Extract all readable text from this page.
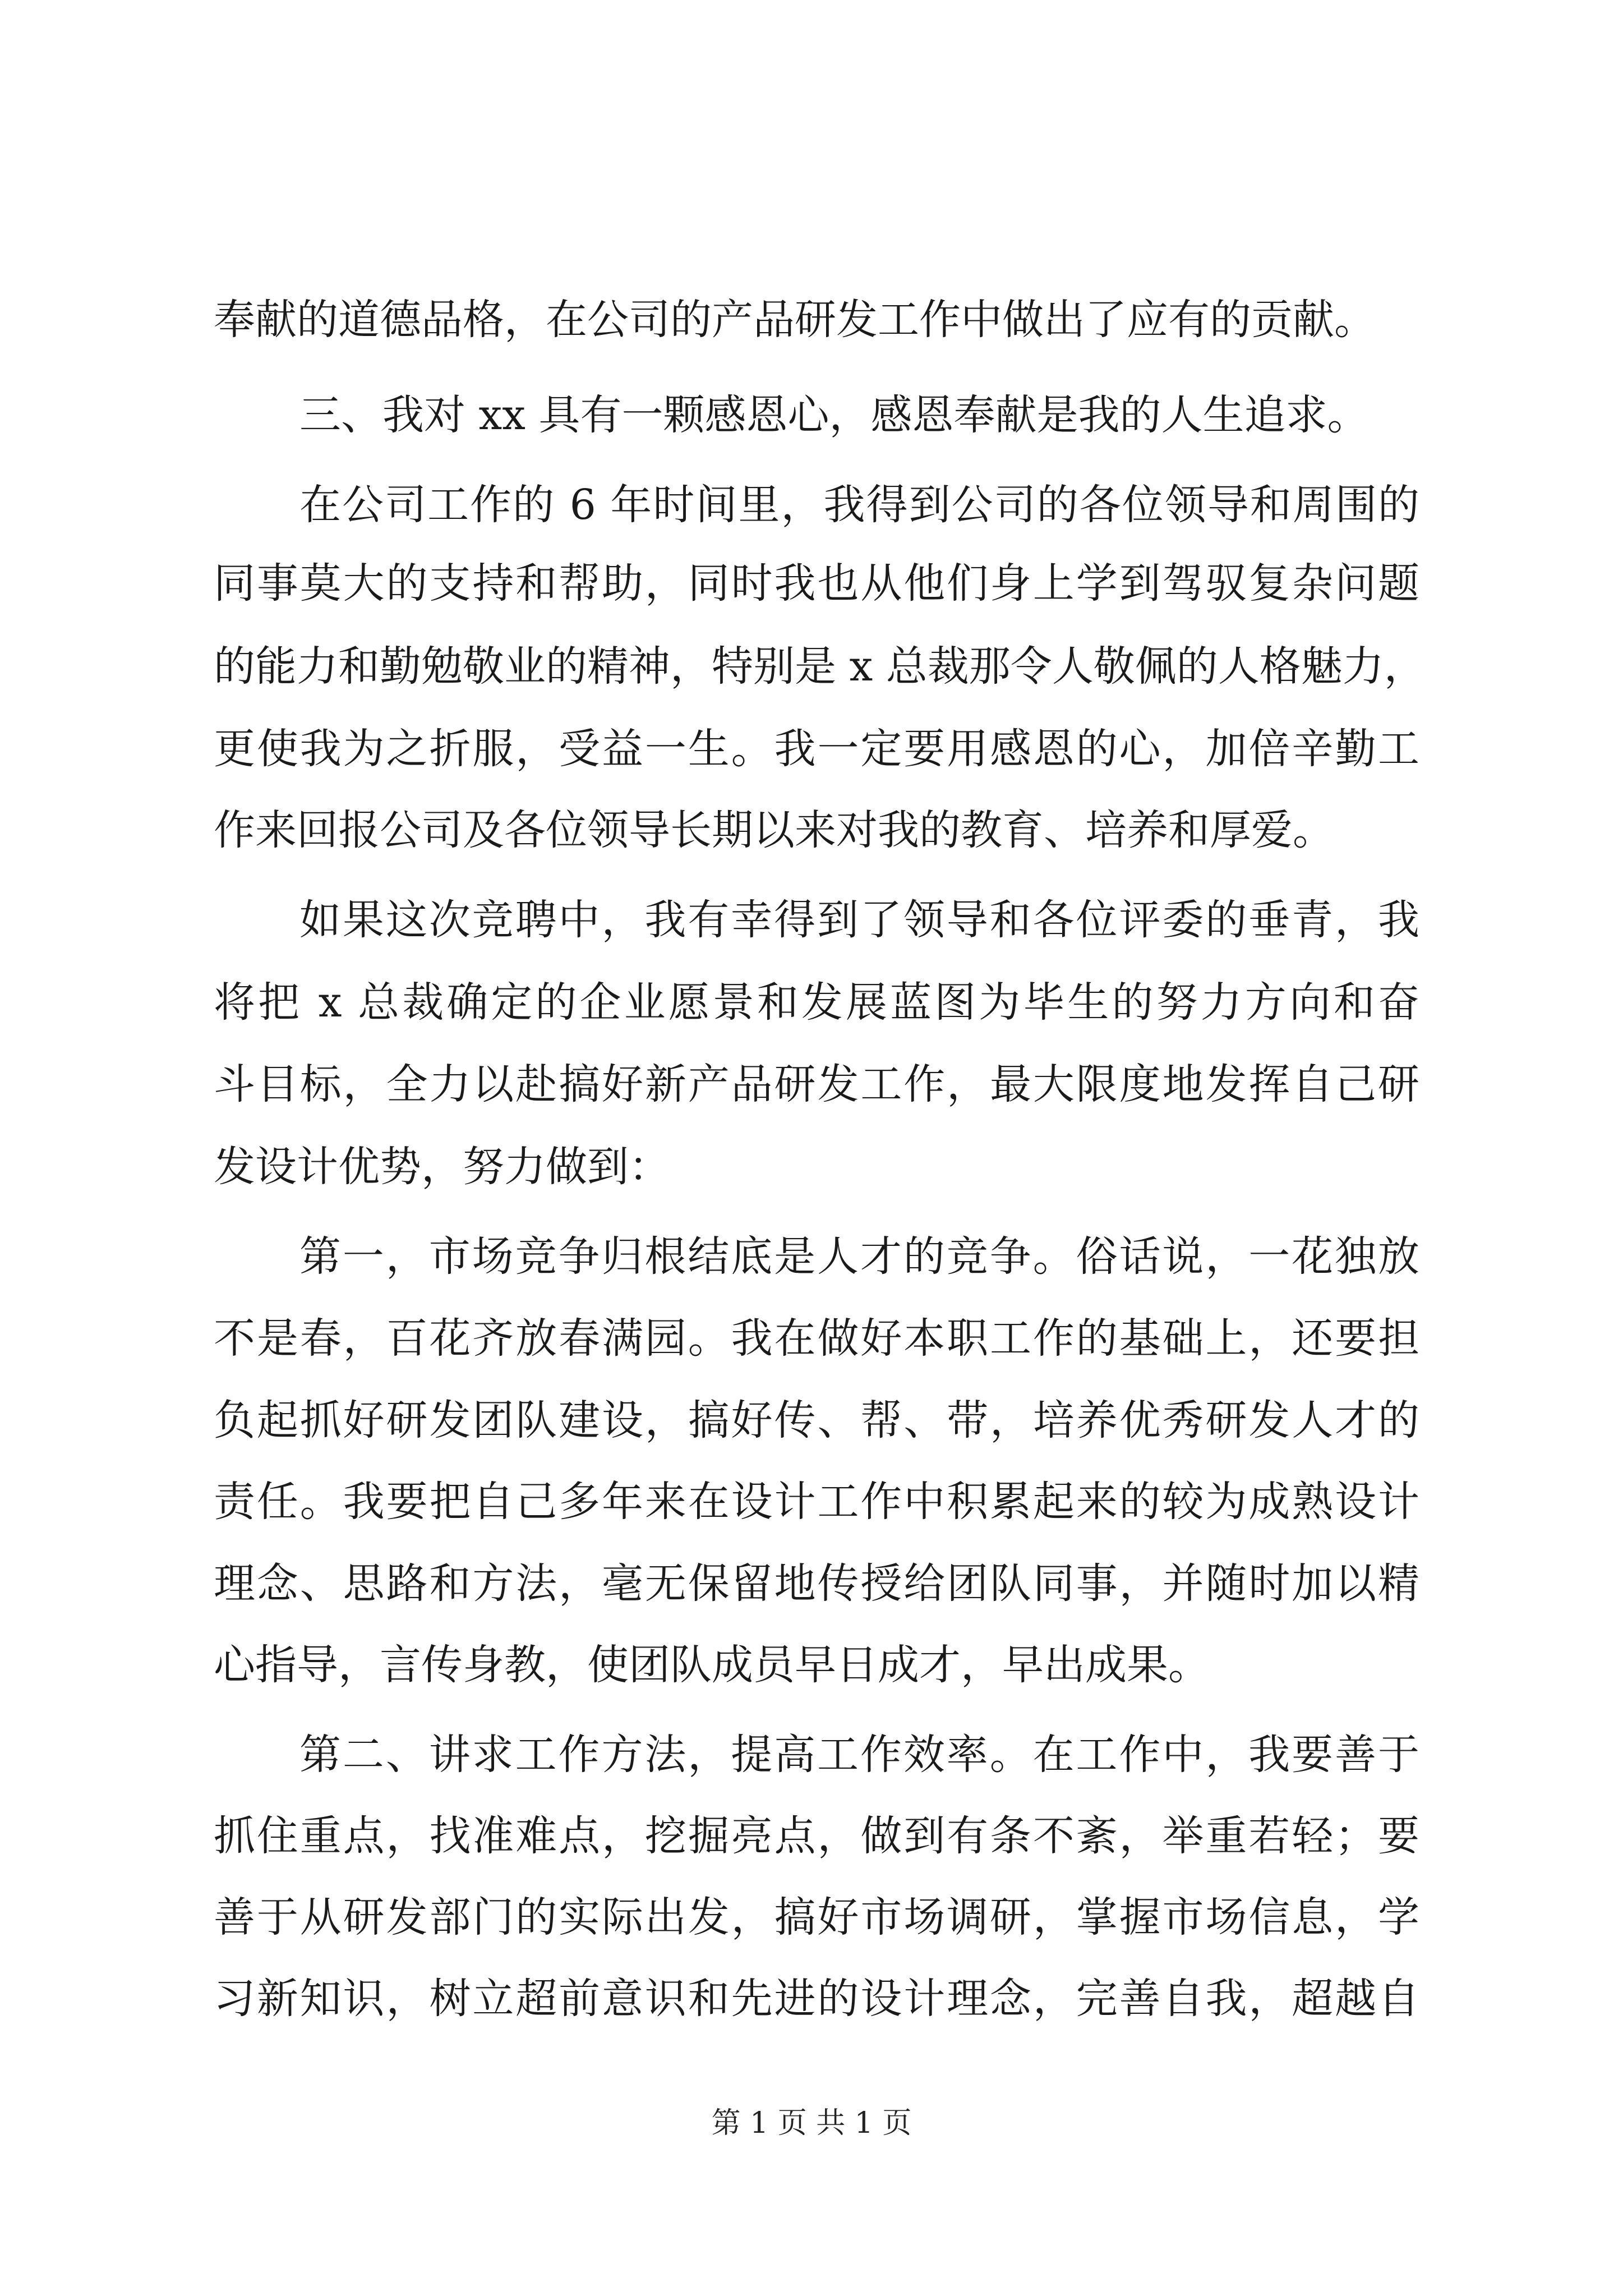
奉献的道德品格，在公司的产品研发工作中做出了应有的贡献。
三、我对 xx 具有一颗感恩心，感恩奉献是我的人生追求。
在公司工作的 6 年时间里，我得到公司的各位领导和周围的
同事莫大的支持和帮助，同时我也从他们身上学到驾驭复杂问题
的能力和勤勉敬业的精神，特别是 x 总裁那令人敬佩的人格魅力，
更使我为之折服，受益一生。我一定要用感恩的心，加倍辛勤工
作来回报公司及各位领导长期以来对我的教育、培养和厚爱。
如果这次竞聘中，我有幸得到了领导和各位评委的垂青，我
将把 x 总裁确定的企业愿景和发展蓝图为毕生的努力方向和奋
斗目标，全力以赴搞好新产品研发工作，最大限度地发挥自己研
发设计优势，努力做到：
第一，市场竞争归根结底是人才的竞争。俗话说，一花独放
不是春，百花齐放春满园。我在做好本职工作的基础上，还要担
负起抓好研发团队建设，搞好传、帮、带，培养优秀研发人才的
责任。我要把自己多年来在设计工作中积累起来的较为成熟设计
理念、思路和方法，毫无保留地传授给团队同事，并随时加以精
心指导，言传身教，使团队成员早日成才，早出成果。
第二、讲求工作方法，提高工作效率。在工作中，我要善于
抓住重点，找准难点，挖掘亮点，做到有条不紊，举重若轻；要
善于从研发部门的实际出发，搞好市场调研，掌握市场信息，学
习新知识，树立超前意识和先进的设计理念，完善自我，超越自
第 1 页 共 1 页
